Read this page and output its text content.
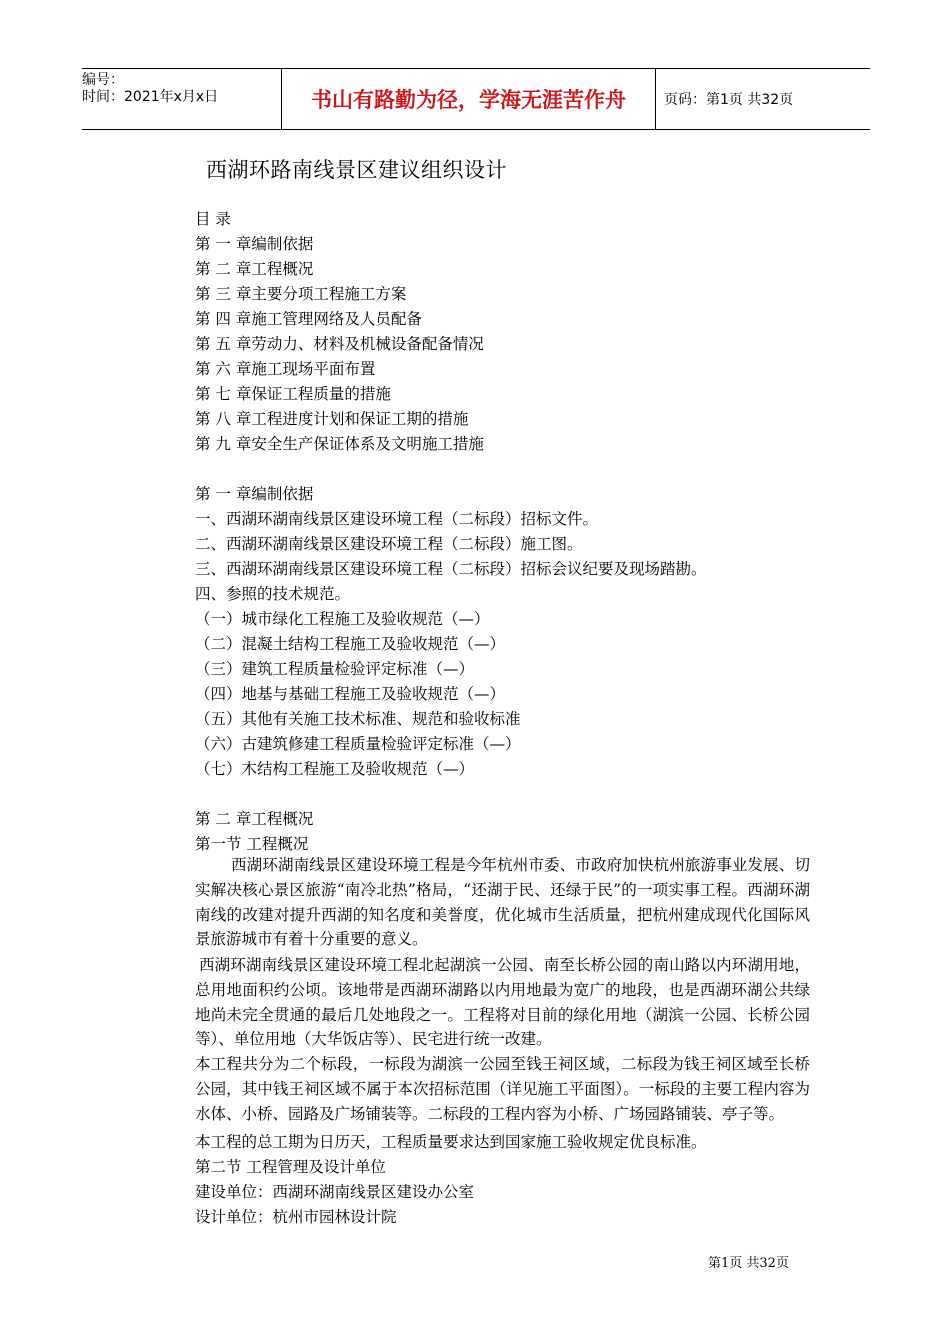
编号：
时间：2021年x月x日	书山有路勤为径，学海无涯苦作舟	页码：第1页 共32页
西湖环路南线景区建议组织设计
目 录
第 一 章编制依据
第 二 章工程概况
第 三 章主要分项工程施工方案
第 四 章施工管理网络及人员配备
第 五 章劳动力、材料及机械设备配备情况
第 六 章施工现场平面布置
第 七 章保证工程质量的措施
第 八 章工程进度计划和保证工期的措施
第 九 章安全生产保证体系及文明施工措施
第 一 章编制依据
一、西湖环湖南线景区建设环境工程（二标段）招标文件。
二、西湖环湖南线景区建设环境工程（二标段）施工图。
三、西湖环湖南线景区建设环境工程（二标段）招标会议纪要及现场踏勘。
四、参照的技术规范。
（一）城市绿化工程施工及验收规范（—）
（二）混凝土结构工程施工及验收规范（—）
（三）建筑工程质量检验评定标准（—）
（四）地基与基础工程施工及验收规范（—）
（五）其他有关施工技术标准、规范和验收标准
（六）古建筑修建工程质量检验评定标准（—）
（七）木结构工程施工及验收规范（—）
第 二 章工程概况
第一节 工程概况
西湖环湖南线景区建设环境工程是今年杭州市委、市政府加快杭州旅游事业发展、切实解决核心景区旅游“南冷北热”格局，“还湖于民、还绿于民”的一项实事工程。西湖环湖南线的改建对提升西湖的知名度和美誉度，优化城市生活质量，把杭州建成现代化国际风景旅游城市有着十分重要的意义。
西湖环湖南线景区建设环境工程北起湖滨一公园、南至长桥公园的南山路以内环湖用地，总用地面积约公顷。该地带是西湖环湖路以内用地最为宽广的地段，也是西湖环湖公共绿地尚未完全贯通的最后几处地段之一。工程将对目前的绿化用地（湖滨一公园、长桥公园等）、单位用地（大华饭店等）、民宅进行统一改建。
本工程共分为二个标段，一标段为湖滨一公园至钱王祠区域，二标段为钱王祠区域至长桥公园，其中钱王祠区域不属于本次招标范围（详见施工平面图）。一标段的主要工程内容为水体、小桥、园路及广场铺装等。二标段的工程内容为小桥、广场园路铺装、亭子等。
本工程的总工期为日历天，工程质量要求达到国家施工验收规定优良标准。
第二节 工程管理及设计单位
建设单位：西湖环湖南线景区建设办公室
设计单位：杭州市园林设计院
第1页 共32页
